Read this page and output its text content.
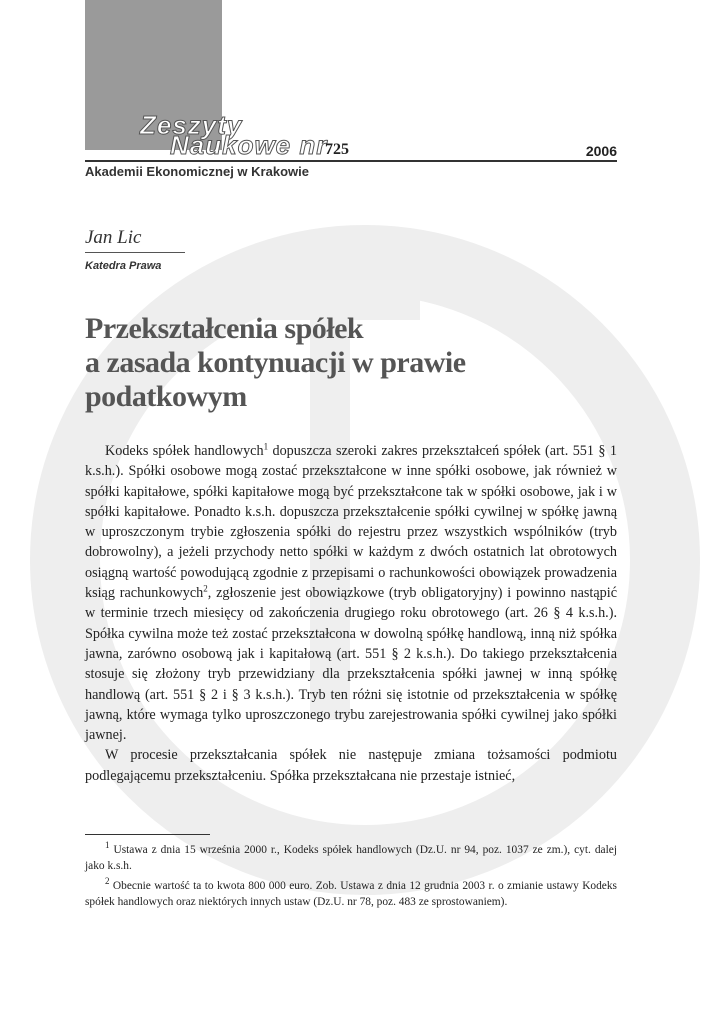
Zeszyty
Naukowe nr
725	2006
Akademii Ekonomicznej w Krakowie
Jan Lic
Katedra Prawa
Przekształcenia spółek
a zasada kontynuacji w prawie
podatkowym

Kodeks spółek handlowych$^1$ dopuszcza szeroki zakres przekształceń spółek (art. 551 § 1 k.s.h.). Spółki osobowe mogą zostać przekształcone w inne spółki osobowe, jak również w spółki kapitałowe, spółki kapitałowe mogą być przekształcone tak w spółki osobowe, jak i w spółki kapitałowe. Ponadto k.s.h. dopuszcza przekształcenie spółki cywilnej w spółkę jawną w uproszczonym trybie zgłoszenia spółki do rejestru przez wszystkich wspólników (tryb dobrowolny), a jeżeli przychody netto spółki w każdym z dwóch ostatnich lat obrotowych osiągną wartość powodującą zgodnie z przepisami o rachunkowości obowiązek prowadzenia ksiąg rachunkowych$^2$, zgłoszenie jest obowiązkowe (tryb obligatoryjny) i powinno nastąpić w terminie trzech miesięcy od zakończenia drugiego roku obrotowego (art. 26 § 4 k.s.h.). Spółka cywilna może też zostać przekształcona w dowolną spółkę handlową, inną niż spółka jawna, zarówno osobową jak i kapitałową (art. 551 § 2 k.s.h.). Do takiego przekształcenia stosuje się złożony tryb przewidziany dla przekształcenia spółki jawnej w inną spółkę handlową (art. 551 § 2 i § 3 k.s.h.). Tryb ten różni się istotnie od przekształcenia w spółkę jawną, które wymaga tylko uproszczonego trybu zarejestrowania spółki cywilnej jako spółki jawnej.

W procesie przekształcania spółek nie następuje zmiana tożsamości podmiotu podlegającemu przekształceniu. Spółka przekształcana nie przestaje istnieć,

$^1$ Ustawa z dnia 15 września 2000 r., Kodeks spółek handlowych (Dz.U. nr 94, poz. 1037 ze zm.), cyt. dalej jako k.s.h.

$^2$ Obecnie wartość ta to kwota 800 000 euro. Zob. Ustawa z dnia 12 grudnia 2003 r. o zmianie ustawy Kodeks spółek handlowych oraz niektórych innych ustaw (Dz.U. nr 78, poz. 483 ze sprostowaniem).
